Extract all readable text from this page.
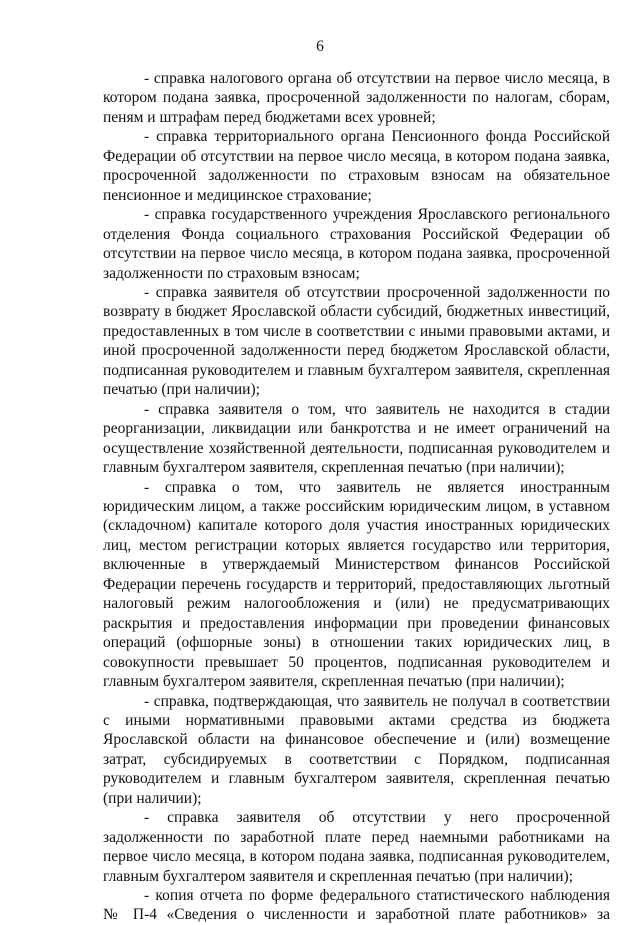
6

- справка налогового органа об отсутствии на первое число месяца, в котором подана заявка, просроченной задолженности по налогам, сборам, пеням и штрафам перед бюджетами всех уровней;

- справка территориального органа Пенсионного фонда Российской Федерации об отсутствии на первое число месяца, в котором подана заявка, просроченной задолженности по страховым взносам на обязательное пенсионное и медицинское страхование;

- справка государственного учреждения Ярославского регионального отделения Фонда социального страхования Российской Федерации об отсутствии на первое число месяца, в котором подана заявка, просроченной задолженности по страховым взносам;

- справка заявителя об отсутствии просроченной задолженности по возврату в бюджет Ярославской области субсидий, бюджетных инвестиций, предоставленных в том числе в соответствии с иными правовыми актами, и иной просроченной задолженности перед бюджетом Ярославской области, подписанная руководителем и главным бухгалтером заявителя, скрепленная печатью (при наличии);

- справка заявителя о том, что заявитель не находится в стадии реорганизации, ликвидации или банкротства и не имеет ограничений на осуществление хозяйственной деятельности, подписанная руководителем и главным бухгалтером заявителя, скрепленная печатью (при наличии);

- справка о том, что заявитель не является иностранным юридическим лицом, а также российским юридическим лицом, в уставном (складочном) капитале которого доля участия иностранных юридических лиц, местом регистрации которых является государство или территория, включенные в утверждаемый Министерством финансов Российской Федерации перечень государств и территорий, предоставляющих льготный налоговый режим налогообложения и (или) не предусматривающих раскрытия и предоставления информации при проведении финансовых операций (офшорные зоны) в отношении таких юридических лиц, в совокупности превышает 50 процентов, подписанная руководителем и главным бухгалтером заявителя, скрепленная печатью (при наличии);

- справка, подтверждающая, что заявитель не получал в соответствии с иными нормативными правовыми актами средства из бюджета Ярославской области на финансовое обеспечение и (или) возмещение затрат, субсидируемых в соответствии с Порядком, подписанная руководителем и главным бухгалтером заявителя, скрепленная печатью (при наличии);

- справка заявителя об отсутствии у него просроченной задолженности по заработной плате перед наемными работниками на первое число месяца, в котором подана заявка, подписанная руководителем, главным бухгалтером заявителя и скрепленная печатью (при наличии);

- копия отчета по форме федерального статистического наблюдения № П-4 «Сведения о численности и заработной плате работников» за
